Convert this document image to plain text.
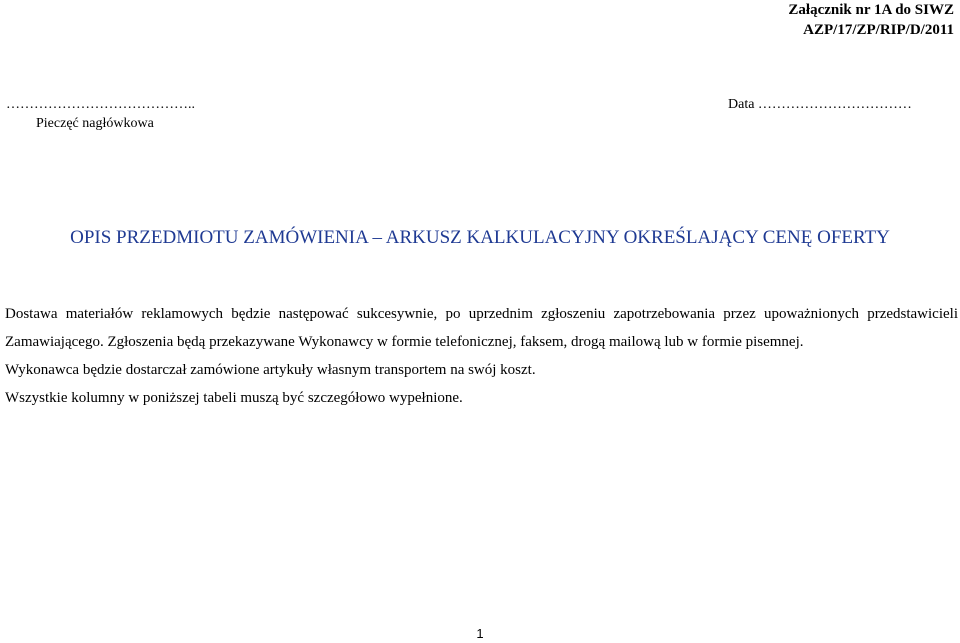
Załącznik nr 1A do SIWZ
AZP/17/ZP/RIP/D/2011
…………………………………..
Pieczęć nagłówkowa
Data ……………………………
OPIS PRZEDMIOTU ZAMÓWIENIA – ARKUSZ KALKULACYJNY OKREŚLAJĄCY CENĘ OFERTY

Dostawa materiałów reklamowych będzie następować sukcesywnie, po uprzednim zgłoszeniu zapotrzebowania przez upoważnionych przedstawicieli Zamawiającego. Zgłoszenia będą przekazywane Wykonawcy w formie telefonicznej, faksem, drogą mailową lub w formie pisemnej.

Wykonawca będzie dostarczał zamówione artykuły własnym transportem na swój koszt.

Wszystkie kolumny w poniższej tabeli muszą być szczegółowo wypełnione.

1
